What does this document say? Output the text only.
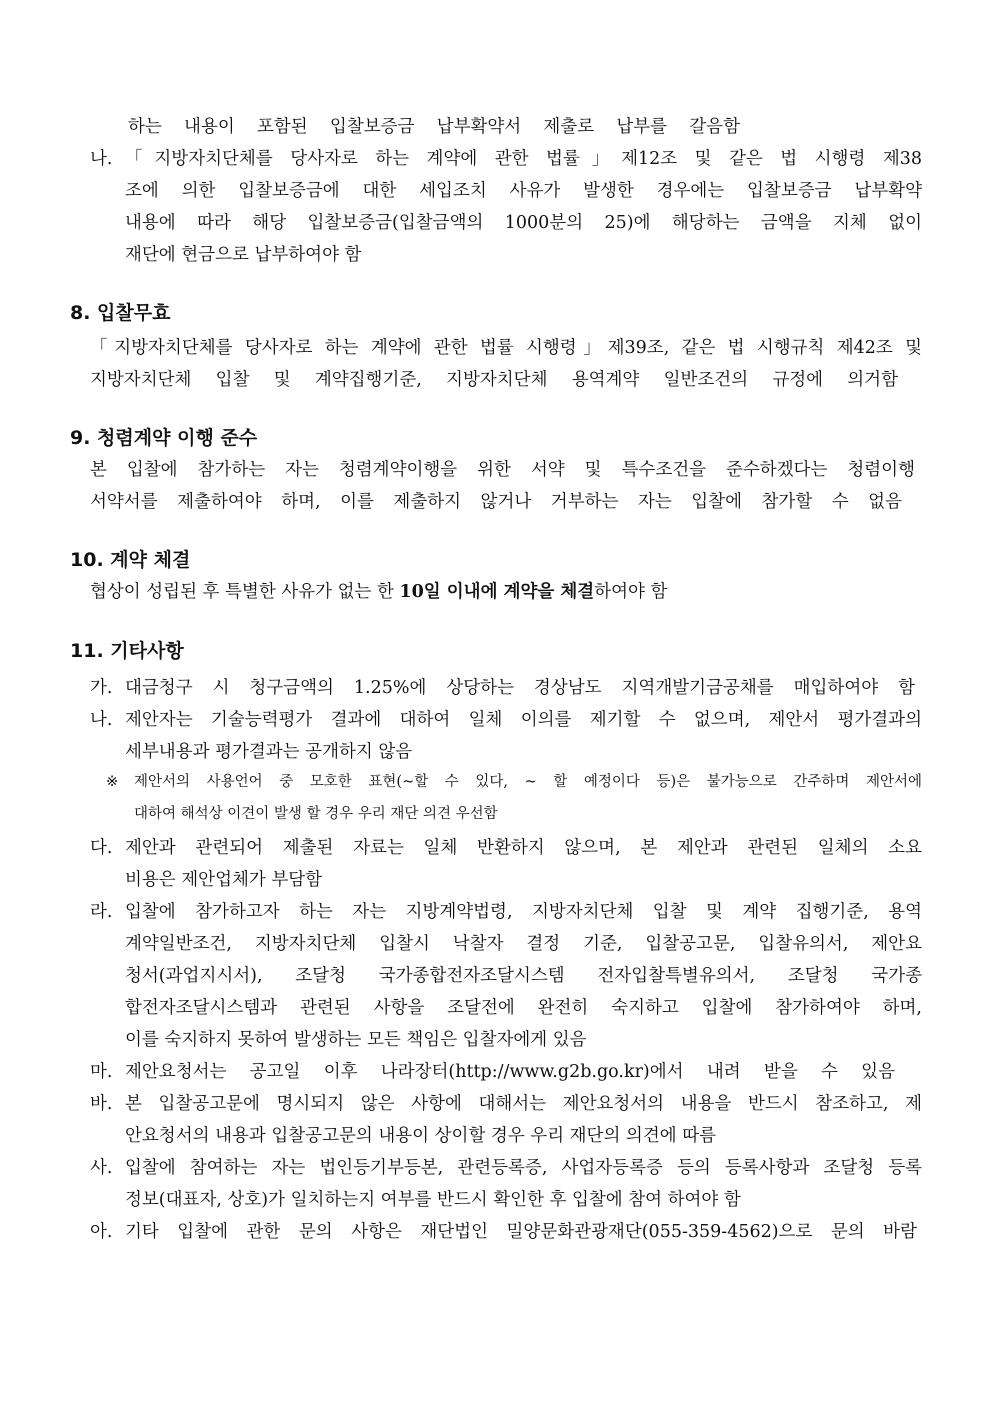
하는 내용이 포함된 입찰보증금 납부확약서 제출로 납부를 갈음함
나. 「지방자치단체를 당사자로 하는 계약에 관한 법률」제12조 및 같은 법 시행령 제38
조에 의한 입찰보증금에 대한 세입조치 사유가 발생한 경우에는 입찰보증금 납부확약
내용에 따라 해당 입찰보증금(입찰금액의 1000분의 25)에 해당하는 금액을 지체 없이
재단에 현금으로 납부하여야 함
8. 입찰무효
「지방자치단체를 당사자로 하는 계약에 관한 법률 시행령」제39조, 같은 법 시행규칙 제42조 및
지방자치단체 입찰 및 계약집행기준, 지방자치단체 용역계약 일반조건의 규정에 의거함
9. 청렴계약 이행 준수
본 입찰에 참가하는 자는 청렴계약이행을 위한 서약 및 특수조건을 준수하겠다는 청렴이행
서약서를 제출하여야 하며, 이를 제출하지 않거나 거부하는 자는 입찰에 참가할 수 없음
10. 계약 체결
협상이 성립된 후 특별한 사유가 없는 한 10일 이내에 계약을 체결하여야 함
11. 기타사항
가. 대금청구 시 청구금액의 1.25%에 상당하는 경상남도 지역개발기금공채를 매입하여야 함
나. 제안자는 기술능력평가 결과에 대하여 일체 이의를 제기할 수 없으며, 제안서 평가결과의
세부내용과 평가결과는 공개하지 않음
※ 제안서의 사용언어 중 모호한 표현(~할 수 있다, ~ 할 예정이다 등)은 불가능으로 간주하며 제안서에
대하여 해석상 이견이 발생 할 경우 우리 재단 의견 우선함
다. 제안과 관련되어 제출된 자료는 일체 반환하지 않으며, 본 제안과 관련된 일체의 소요
비용은 제안업체가 부담함
라. 입찰에 참가하고자 하는 자는 지방계약법령, 지방자치단체 입찰 및 계약 집행기준, 용역
계약일반조건, 지방자치단체 입찰시 낙찰자 결정 기준, 입찰공고문, 입찰유의서, 제안요
청서(과업지시서), 조달청 국가종합전자조달시스템 전자입찰특별유의서, 조달청 국가종
합전자조달시스템과 관련된 사항을 조달전에 완전히 숙지하고 입찰에 참가하여야 하며,
이를 숙지하지 못하여 발생하는 모든 책임은 입찰자에게 있음
마. 제안요청서는 공고일 이후 나라장터(http://www.g2b.go.kr)에서 내려 받을 수 있음
바. 본 입찰공고문에 명시되지 않은 사항에 대해서는 제안요청서의 내용을 반드시 참조하고, 제
안요청서의 내용과 입찰공고문의 내용이 상이할 경우 우리 재단의 의견에 따름
사. 입찰에 참여하는 자는 법인등기부등본, 관련등록증, 사업자등록증 등의 등록사항과 조달청 등록
정보(대표자, 상호)가 일치하는지 여부를 반드시 확인한 후 입찰에 참여 하여야 함
아. 기타 입찰에 관한 문의 사항은 재단법인 밀양문화관광재단(055-359-4562)으로 문의 바람
